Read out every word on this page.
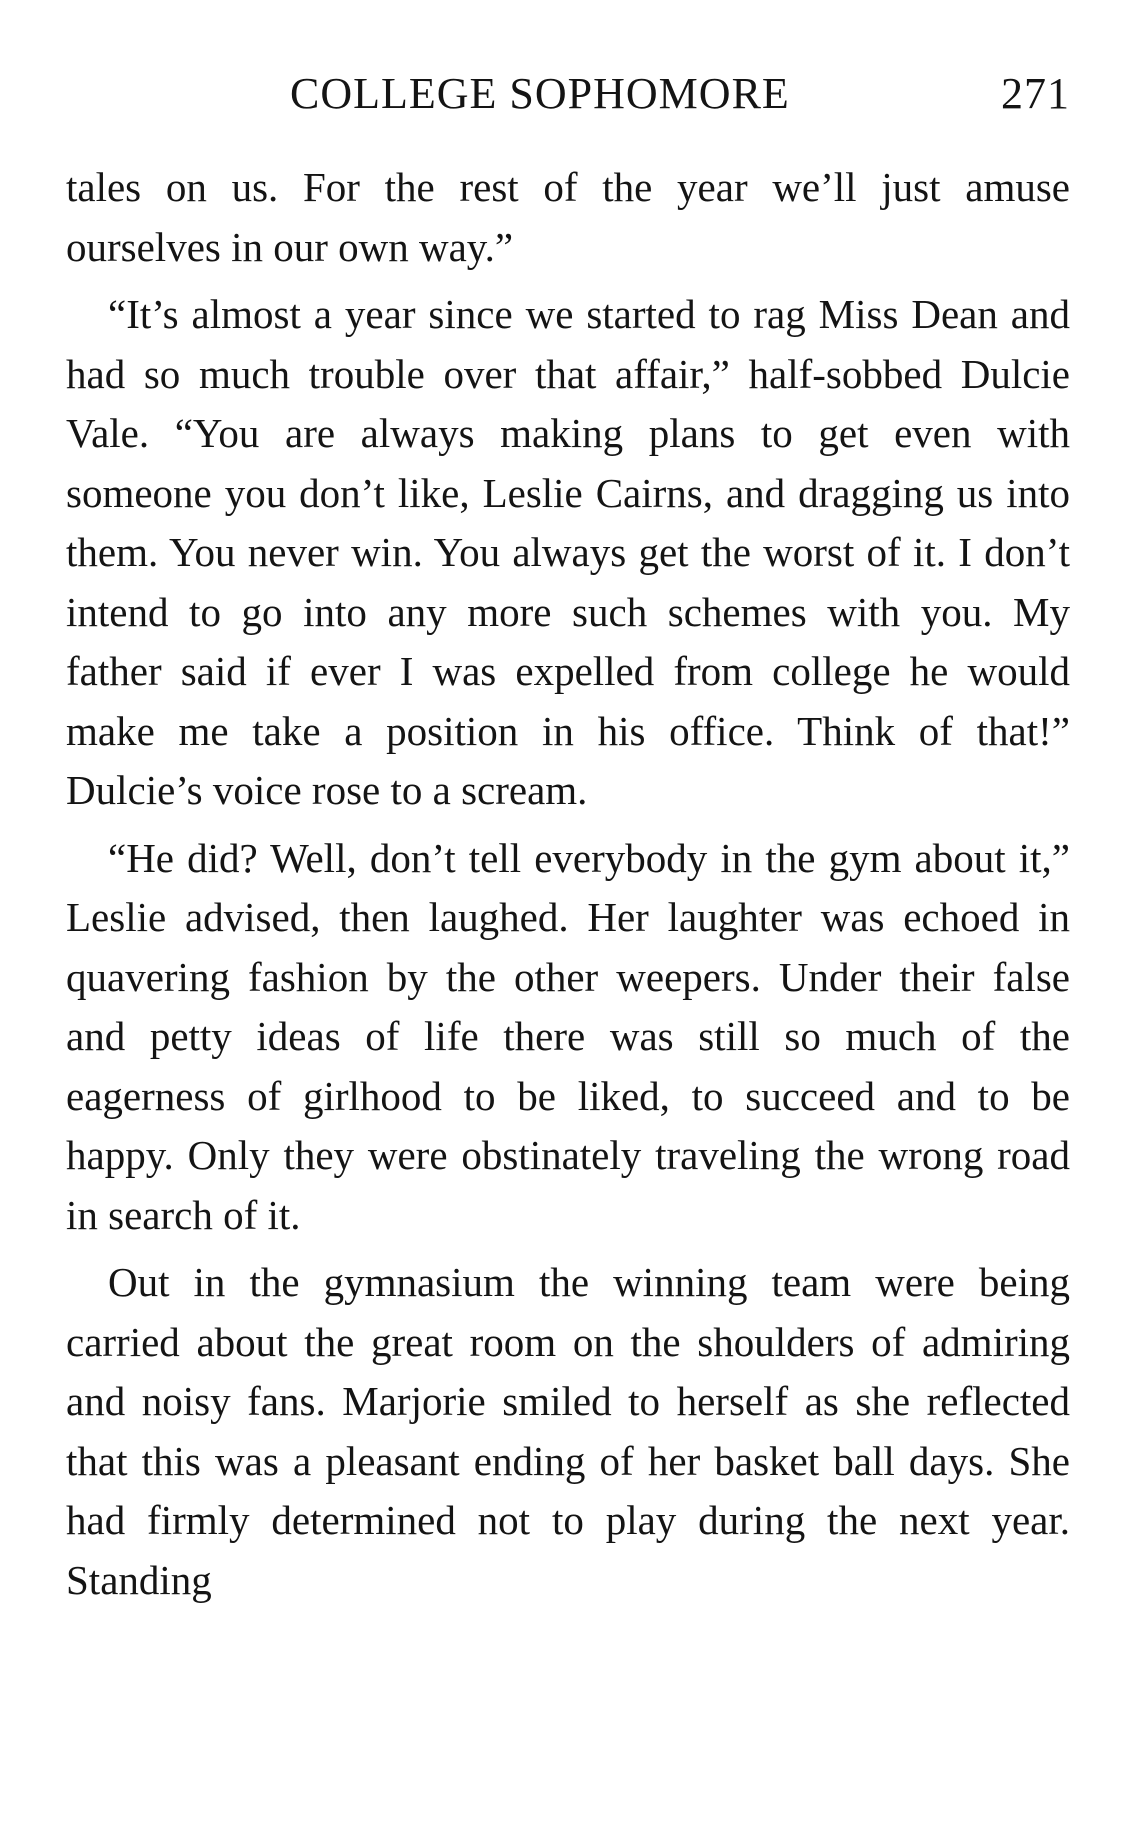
COLLEGE SOPHOMORE	271

tales on us. For the rest of the year we’ll just amuse ourselves in our own way.”

“It’s almost a year since we started to rag Miss Dean and had so much trouble over that affair,” half-sobbed Dulcie Vale. “You are always making plans to get even with someone you don’t like, Leslie Cairns, and dragging us into them. You never win. You always get the worst of it. I don’t intend to go into any more such schemes with you. My father said if ever I was expelled from college he would make me take a position in his office. Think of that!” Dulcie’s voice rose to a scream.

“He did? Well, don’t tell everybody in the gym about it,” Leslie advised, then laughed. Her laughter was echoed in quavering fashion by the other weepers. Under their false and petty ideas of life there was still so much of the eagerness of girlhood to be liked, to succeed and to be happy. Only they were obstinately traveling the wrong road in search of it.

Out in the gymnasium the winning team were being carried about the great room on the shoulders of admiring and noisy fans. Marjorie smiled to herself as she reflected that this was a pleasant ending of her basket ball days. She had firmly determined not to play during the next year. Standing
